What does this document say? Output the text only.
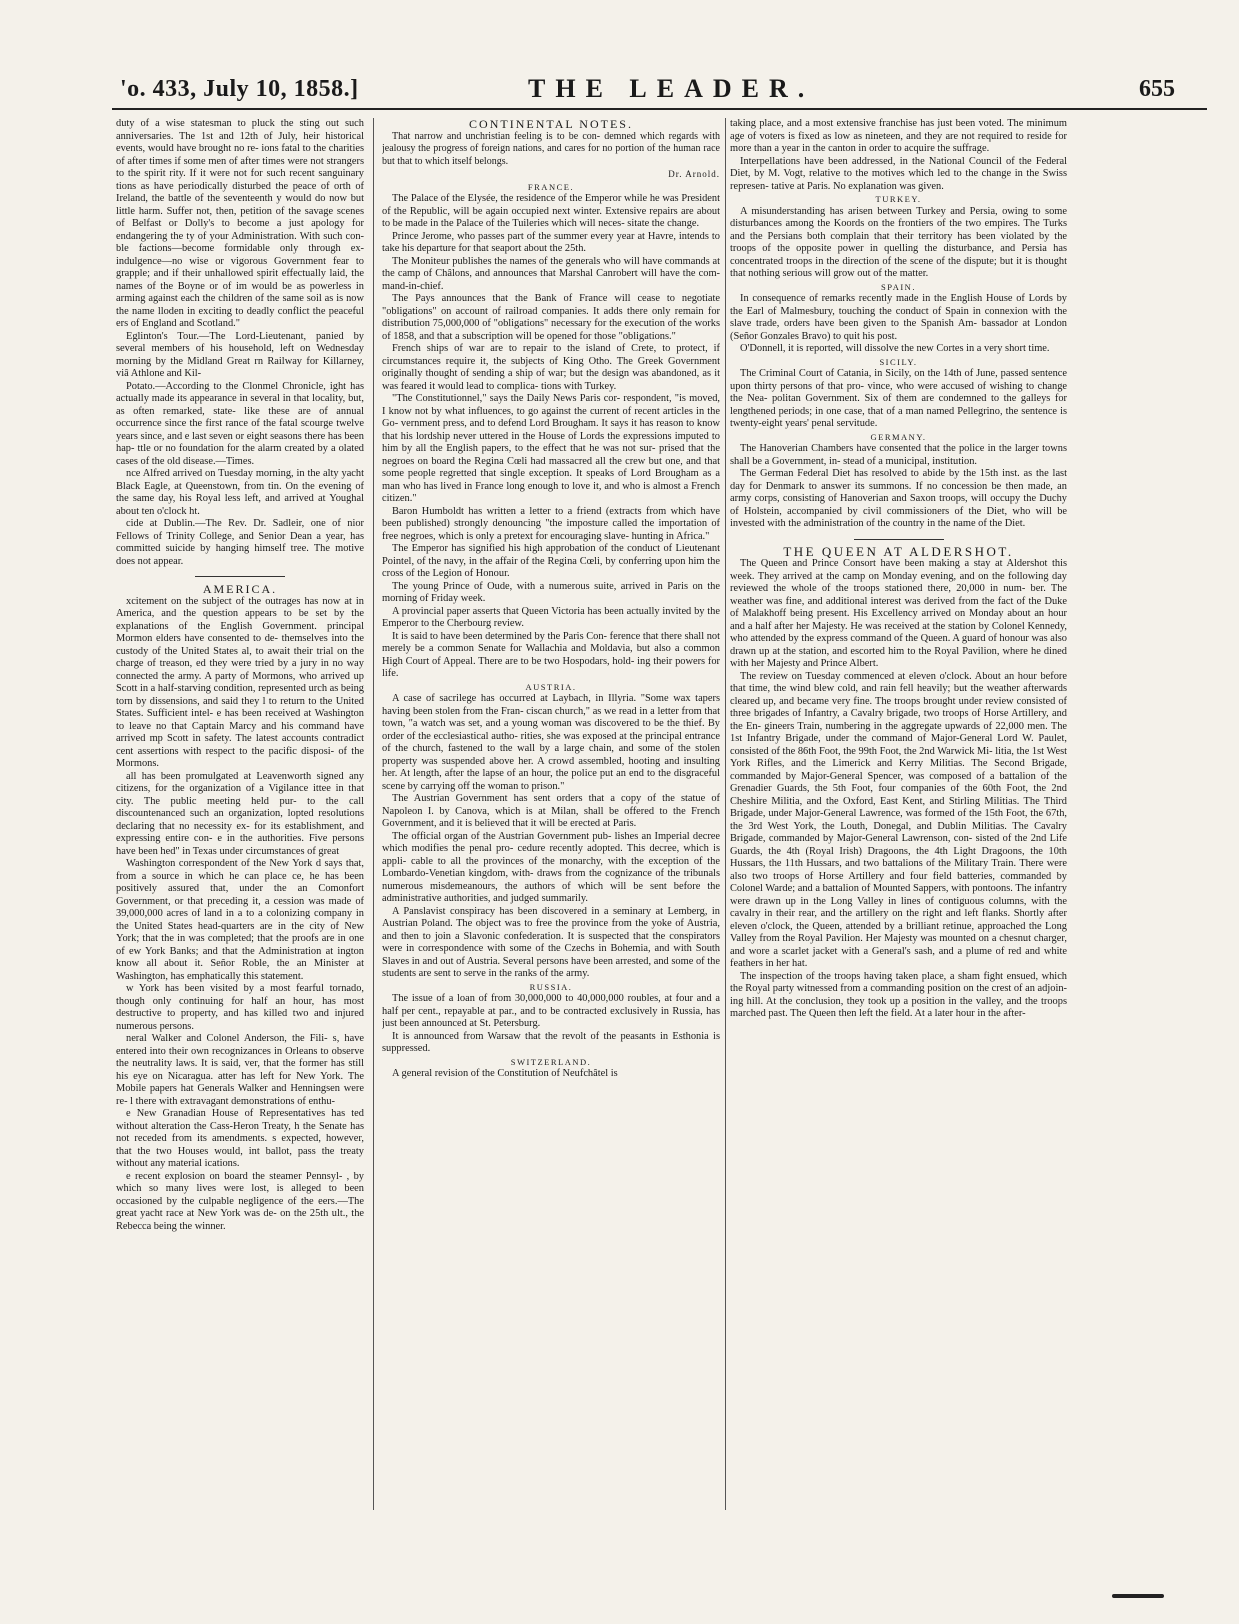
'o. 433, July 10, 1858.]	THE LEADER.	655

duty of a wise statesman to pluck the sting out such anniversaries. The 1st and 12th of July, heir historical events, would have brought no re- ions fatal to the charities of after times if some men of after times were not strangers to the spirit rity. If it were not for such recent sanguinary tions as have periodically disturbed the peace of orth of Ireland, the battle of the seventeenth y would do now but little harm. Suffer not, then, petition of the savage scenes of Belfast or Dolly's to become a just apology for endangering the ty of your Administration. With such con- ble factions—become formidable only through ex- indulgence—no wise or vigorous Government fear to grapple; and if their unhallowed spirit effectually laid, the names of the Boyne or of im would be as powerless in arming against each the children of the same soil as is now the name lloden in exciting to deadly conflict the peaceful ers of England and Scotland."

Eglinton's Tour.—The Lord-Lieutenant, panied by several members of his household, left on Wednesday morning by the Midland Great rn Railway for Killarney, viâ Athlone and Kil-

Potato.—According to the Clonmel Chronicle, ight has actually made its appearance in several in that locality, but, as often remarked, state- like these are of annual occurrence since the first rance of the fatal scourge twelve years since, and e last seven or eight seasons there has been hap- ttle or no foundation for the alarm created by a olated cases of the old disease.—Times.

nce Alfred arrived on Tuesday morning, in the alty yacht Black Eagle, at Queenstown, from tin. On the evening of the same day, his Royal less left, and arrived at Youghal about ten o'clock ht.

cide at Dublin.—The Rev. Dr. Sadleir, one of nior Fellows of Trinity College, and Senior Dean a year, has committed suicide by hanging himself tree. The motive does not appear.

AMERICA.

xcitement on the subject of the outrages has now at in America, and the question appears to be set by the explanations of the English Government. principal Mormon elders have consented to de- themselves into the custody of the United States al, to await their trial on the charge of treason, ed they were tried by a jury in no way connected the army. A party of Mormons, who arrived up Scott in a half-starving condition, represented urch as being torn by dissensions, and said they l to return to the United States. Sufficient intel- e has been received at Washington to leave no that Captain Marcy and his command have arrived mp Scott in safety. The latest accounts contradict cent assertions with respect to the pacific disposi- of the Mormons.

all has been promulgated at Leavenworth signed any citizens, for the organization of a Vigilance ittee in that city. The public meeting held pur- to the call discountenanced such an organization, lopted resolutions declaring that no necessity ex- for its establishment, and expressing entire con- e in the authorities. Five persons have been hed" in Texas under circumstances of great

Washington correspondent of the New York d says that, from a source in which he can place ce, he has been positively assured that, under the an Comonfort Government, or that preceding it, a cession was made of 39,000,000 acres of land in a to a colonizing company in the United States head-quarters are in the city of New York; that the in was completed; that the proofs are in one of ew York Banks; and that the Administration at ington know all about it. Señor Roble, the an Minister at Washington, has emphatically this statement.

w York has been visited by a most fearful tornado, though only continuing for half an hour, has most destructive to property, and has killed two and injured numerous persons.

neral Walker and Colonel Anderson, the Fili- s, have entered into their own recognizances in Orleans to observe the neutrality laws. It is said, ver, that the former has still his eye on Nicaragua. atter has left for New York. The Mobile papers hat Generals Walker and Henningsen were re- l there with extravagant demonstrations of enthu-

e New Granadian House of Representatives has ted without alteration the Cass-Heron Treaty, h the Senate has not receded from its amendments. s expected, however, that the two Houses would, int ballot, pass the treaty without any material ications.

e recent explosion on board the steamer Pennsyl- , by which so many lives were lost, is alleged to been occasioned by the culpable negligence of the eers.—The great yacht race at New York was de- on the 25th ult., the Rebecca being the winner.

CONTINENTAL NOTES.

That narrow and unchristian feeling is to be con- demned which regards with jealousy the progress of foreign nations, and cares for no portion of the human race but that to which itself belongs.

Dr. Arnold.

FRANCE.

The Palace of the Elysée, the residence of the Emperor while he was President of the Republic, will be again occupied next winter. Extensive repairs are about to be made in the Palace of the Tuileries which will neces- sitate the change.

Prince Jerome, who passes part of the summer every year at Havre, intends to take his departure for that seaport about the 25th.

The Moniteur publishes the names of the generals who will have commands at the camp of Châlons, and announces that Marshal Canrobert will have the com- mand-in-chief.

The Pays announces that the Bank of France will cease to negotiate "obligations" on account of railroad companies. It adds there only remain for distribution 75,000,000 of "obligations" necessary for the execution of the works of 1858, and that a subscription will be opened for those "obligations."

French ships of war are to repair to the island of Crete, to protect, if circumstances require it, the subjects of King Otho. The Greek Government originally thought of sending a ship of war; but the design was abandoned, as it was feared it would lead to complica- tions with Turkey.

"The Constitutionnel," says the Daily News Paris cor- respondent, "is moved, I know not by what influences, to go against the current of recent articles in the Go- vernment press, and to defend Lord Brougham. It says it has reason to know that his lordship never uttered in the House of Lords the expressions imputed to him by all the English papers, to the effect that he was not sur- prised that the negroes on board the Regina Cœli had massacred all the crew but one, and that some people regretted that single exception. It speaks of Lord Brougham as a man who has lived in France long enough to love it, and who is almost a French citizen."

Baron Humboldt has written a letter to a friend (extracts from which have been published) strongly denouncing "the imposture called the importation of free negroes, which is only a pretext for encouraging slave- hunting in Africa."

The Emperor has signified his high approbation of the conduct of Lieutenant Pointel, of the navy, in the affair of the Regina Cœli, by conferring upon him the cross of the Legion of Honour.

The young Prince of Oude, with a numerous suite, arrived in Paris on the morning of Friday week.

A provincial paper asserts that Queen Victoria has been actually invited by the Emperor to the Cherbourg review.

It is said to have been determined by the Paris Con- ference that there shall not merely be a common Senate for Wallachia and Moldavia, but also a common High Court of Appeal. There are to be two Hospodars, hold- ing their powers for life.

AUSTRIA.

A case of sacrilege has occurred at Laybach, in Illyria. "Some wax tapers having been stolen from the Fran- ciscan church," as we read in a letter from that town, "a watch was set, and a young woman was discovered to be the thief. By order of the ecclesiastical autho- rities, she was exposed at the principal entrance of the church, fastened to the wall by a large chain, and some of the stolen property was suspended above her. A crowd assembled, hooting and insulting her. At length, after the lapse of an hour, the police put an end to the disgraceful scene by carrying off the woman to prison."

The Austrian Government has sent orders that a copy of the statue of Napoleon I. by Canova, which is at Milan, shall be offered to the French Government, and it is believed that it will be erected at Paris.

The official organ of the Austrian Government pub- lishes an Imperial decree which modifies the penal pro- cedure recently adopted. This decree, which is appli- cable to all the provinces of the monarchy, with the exception of the Lombardo-Venetian kingdom, with- draws from the cognizance of the tribunals numerous misdemeanours, the authors of which will be sent before the administrative authorities, and judged summarily.

A Panslavist conspiracy has been discovered in a seminary at Lemberg, in Austrian Poland. The object was to free the province from the yoke of Austria, and then to join a Slavonic confederation. It is suspected that the conspirators were in correspondence with some of the Czechs in Bohemia, and with South Slaves in and out of Austria. Several persons have been arrested, and some of the students are sent to serve in the ranks of the army.

RUSSIA.

The issue of a loan of from 30,000,000 to 40,000,000 roubles, at four and a half per cent., repayable at par., and to be contracted exclusively in Russia, has just been announced at St. Petersburg.

It is announced from Warsaw that the revolt of the peasants in Esthonia is suppressed.

SWITZERLAND.

A general revision of the Constitution of Neufchâtel is

taking place, and a most extensive franchise has just been voted. The minimum age of voters is fixed as low as nineteen, and they are not required to reside for more than a year in the canton in order to acquire the suffrage.

Interpellations have been addressed, in the National Council of the Federal Diet, by M. Vogt, relative to the motives which led to the change in the Swiss represen- tative at Paris. No explanation was given.

TURKEY.

A misunderstanding has arisen between Turkey and Persia, owing to some disturbances among the Koords on the frontiers of the two empires. The Turks and the Persians both complain that their territory has been violated by the troops of the opposite power in quelling the disturbance, and Persia has concentrated troops in the direction of the scene of the dispute; but it is thought that nothing serious will grow out of the matter.

SPAIN.

In consequence of remarks recently made in the English House of Lords by the Earl of Malmesbury, touching the conduct of Spain in connexion with the slave trade, orders have been given to the Spanish Am- bassador at London (Señor Gonzales Bravo) to quit his post.

O'Donnell, it is reported, will dissolve the new Cortes in a very short time.

SICILY.

The Criminal Court of Catania, in Sicily, on the 14th of June, passed sentence upon thirty persons of that pro- vince, who were accused of wishing to change the Nea- politan Government. Six of them are condemned to the galleys for lengthened periods; in one case, that of a man named Pellegrino, the sentence is twenty-eight years' penal servitude.

GERMANY.

The Hanoverian Chambers have consented that the police in the larger towns shall be a Government, in- stead of a municipal, institution.

The German Federal Diet has resolved to abide by the 15th inst. as the last day for Denmark to answer its summons. If no concession be then made, an army corps, consisting of Hanoverian and Saxon troops, will occupy the Duchy of Holstein, accompanied by civil commissioners of the Diet, who will be invested with the administration of the country in the name of the Diet.

THE QUEEN AT ALDERSHOT.

The Queen and Prince Consort have been making a stay at Aldershot this week. They arrived at the camp on Monday evening, and on the following day reviewed the whole of the troops stationed there, 20,000 in num- ber. The weather was fine, and additional interest was derived from the fact of the Duke of Malakhoff being present. His Excellency arrived on Monday about an hour and a half after her Majesty. He was received at the station by Colonel Kennedy, who attended by the express command of the Queen. A guard of honour was also drawn up at the station, and escorted him to the Royal Pavilion, where he dined with her Majesty and Prince Albert.

The review on Tuesday commenced at eleven o'clock. About an hour before that time, the wind blew cold, and rain fell heavily; but the weather afterwards cleared up, and became very fine. The troops brought under review consisted of three brigades of Infantry, a Cavalry brigade, two troops of Horse Artillery, and the En- gineers Train, numbering in the aggregate upwards of 22,000 men. The 1st Infantry Brigade, under the command of Major-General Lord W. Paulet, consisted of the 86th Foot, the 99th Foot, the 2nd Warwick Mi- litia, the 1st West York Rifles, and the Limerick and Kerry Militias. The Second Brigade, commanded by Major-General Spencer, was composed of a battalion of the Grenadier Guards, the 5th Foot, four companies of the 60th Foot, the 2nd Cheshire Militia, and the Oxford, East Kent, and Stirling Militias. The Third Brigade, under Major-General Lawrence, was formed of the 15th Foot, the 67th, the 3rd West York, the Louth, Donegal, and Dublin Militias. The Cavalry Brigade, commanded by Major-General Lawrenson, con- sisted of the 2nd Life Guards, the 4th (Royal Irish) Dragoons, the 4th Light Dragoons, the 10th Hussars, the 11th Hussars, and two battalions of the Military Train. There were also two troops of Horse Artillery and four field batteries, commanded by Colonel Warde; and a battalion of Mounted Sappers, with pontoons. The infantry were drawn up in the Long Valley in lines of contiguous columns, with the cavalry in their rear, and the artillery on the right and left flanks. Shortly after eleven o'clock, the Queen, attended by a brilliant retinue, approached the Long Valley from the Royal Pavilion. Her Majesty was mounted on a chesnut charger, and wore a scarlet jacket with a General's sash, and a plume of red and white feathers in her hat.

The inspection of the troops having taken place, a sham fight ensued, which the Royal party witnessed from a commanding position on the crest of an adjoin- ing hill. At the conclusion, they took up a position in the valley, and the troops marched past. The Queen then left the field. At a later hour in the after-
